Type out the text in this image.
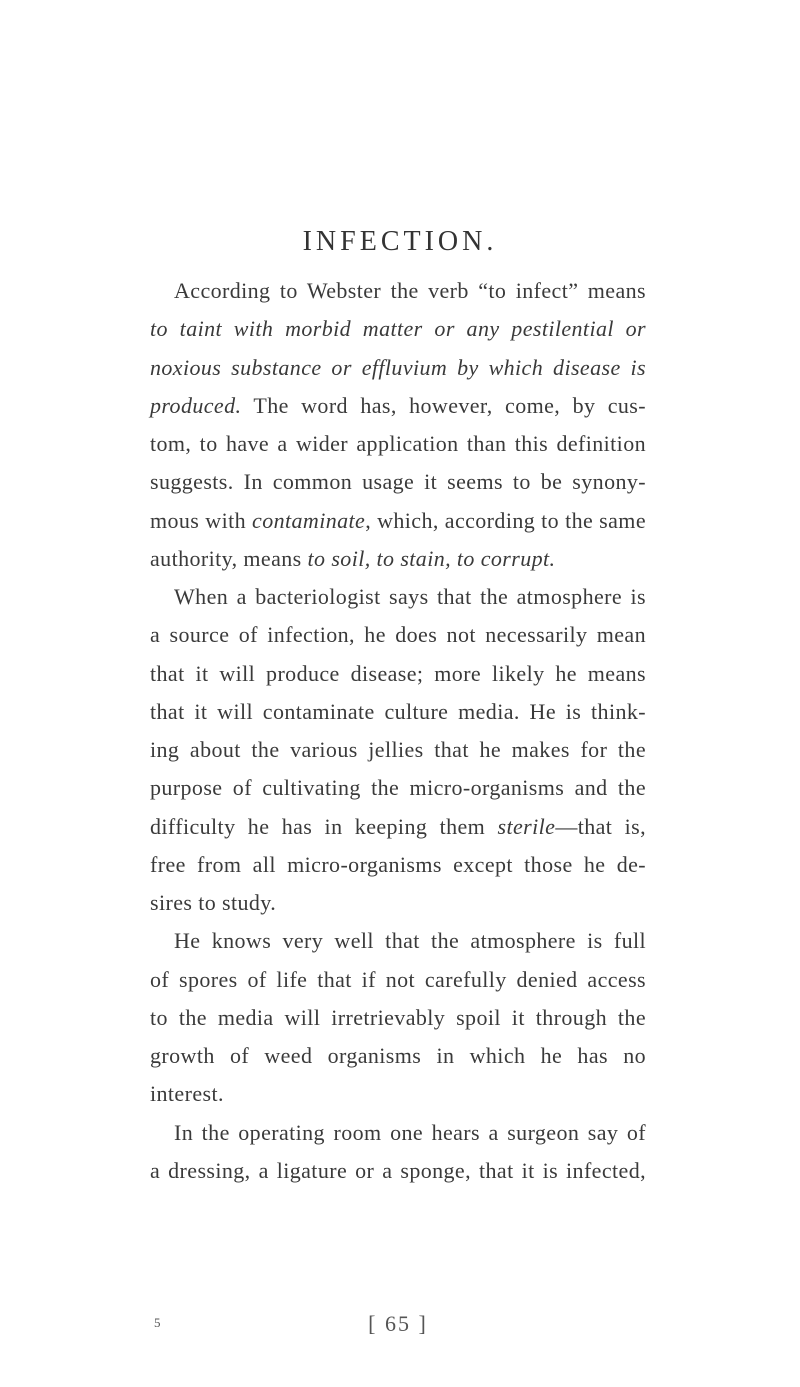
INFECTION.
According to Webster the verb “to infect” means
to taint with morbid matter or any pestilential or
noxious substance or effluvium by which disease is
produced. The word has, however, come, by cus-
tom, to have a wider application than this definition
suggests. In common usage it seems to be synony-
mous with contaminate, which, according to the same
authority, means to soil, to stain, to corrupt.
When a bacteriologist says that the atmosphere is
a source of infection, he does not necessarily mean
that it will produce disease; more likely he means
that it will contaminate culture media. He is think-
ing about the various jellies that he makes for the
purpose of cultivating the micro-organisms and the
difficulty he has in keeping them sterile—that is,
free from all micro-organisms except those he de-
sires to study.
He knows very well that the atmosphere is full
of spores of life that if not carefully denied access
to the media will irretrievably spoil it through the
growth of weed organisms in which he has no
interest.
In the operating room one hears a surgeon say of
a dressing, a ligature or a sponge, that it is infected,
5	[ 65 ]
